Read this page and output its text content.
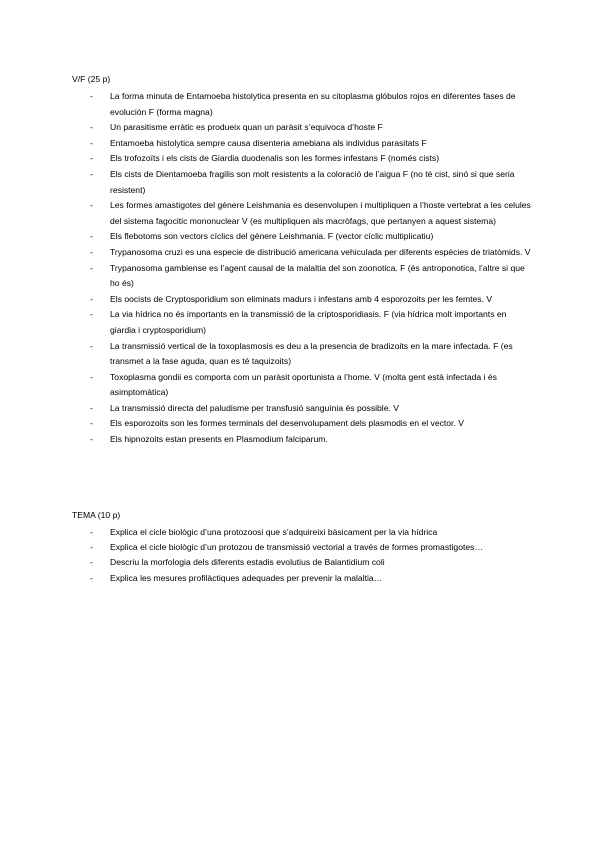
V/F (25 p)
- La forma minuta de Entamoeba histolytica presenta en su citoplasma glóbulos rojos en diferentes fases de evolución F (forma magna)
- Un parasitisme erràtic es produeix quan un paràsit s’equivoca d’hoste F
- Entamoeba histolytica sempre causa disenteria amebiana als individus parasitats F
- Els trofozoïts i els cists de Giardia duodenalis son les formes infestans F (només cists)
- Els cists de Dientamoeba fragilis son molt resistents a la coloració de l’aigua F (no té cist, sinó si que seria resistent)
- Les formes amastigotes del gènere Leishmania es desenvolupen i multipliquen a l’hoste vertebrat a les celules del sistema fagocitic mononuclear V (es multipliquen als macròfags, que pertanyen a aquest sistema)
- Els flebotoms son vectors cíclics del gènere Leishmania. F (vector cíclic multiplicatiu)
- Trypanosoma cruzi es una especie de distribució americana vehiculada per diferents espècies de triatòmids. V
- Trypanosoma gambiense es l’agent causal de la malaltia del son zoonotica. F (és antroponotica, l’altre si que ho és)
- Els oocists de Cryptosporidium son eliminats madurs i infestans amb 4 esporozoits per les femtes. V
- La via hídrica no és importants en la transmissió de la criptosporidiasis. F (via hídrica molt importants en giardia i cryptosporidium)
- La transmissió vertical de la toxoplasmosis es deu a la presencia de bradizoits en la mare infectada. F (es transmet a la fase aguda, quan es té taquizoits)
- Toxoplasma gondii es comporta com un paràsit oportunista a l’home. V (molta gent està infectada i és asimptomàtica)
- La transmissió directa del paludisme per transfusió sanguínia és possible. V
- Els esporozoits son les formes terminals del desenvolupament dels plasmodis en el vector. V
- Els hipnozoits estan presents en Plasmodium falciparum.
TEMA (10 p)
- Explica el cicle biològic d’una protozoosi que s’adquireixi bàsicament per la via hídrica
- Explica el cicle biològic d’un protozou de transmissió vectorial a través de formes promastigotes…
- Descriu la morfologia dels diferents estadis evolutius de Balantidium coli
- Explica les mesures profilàctiques adequades per prevenir la malaltia…
